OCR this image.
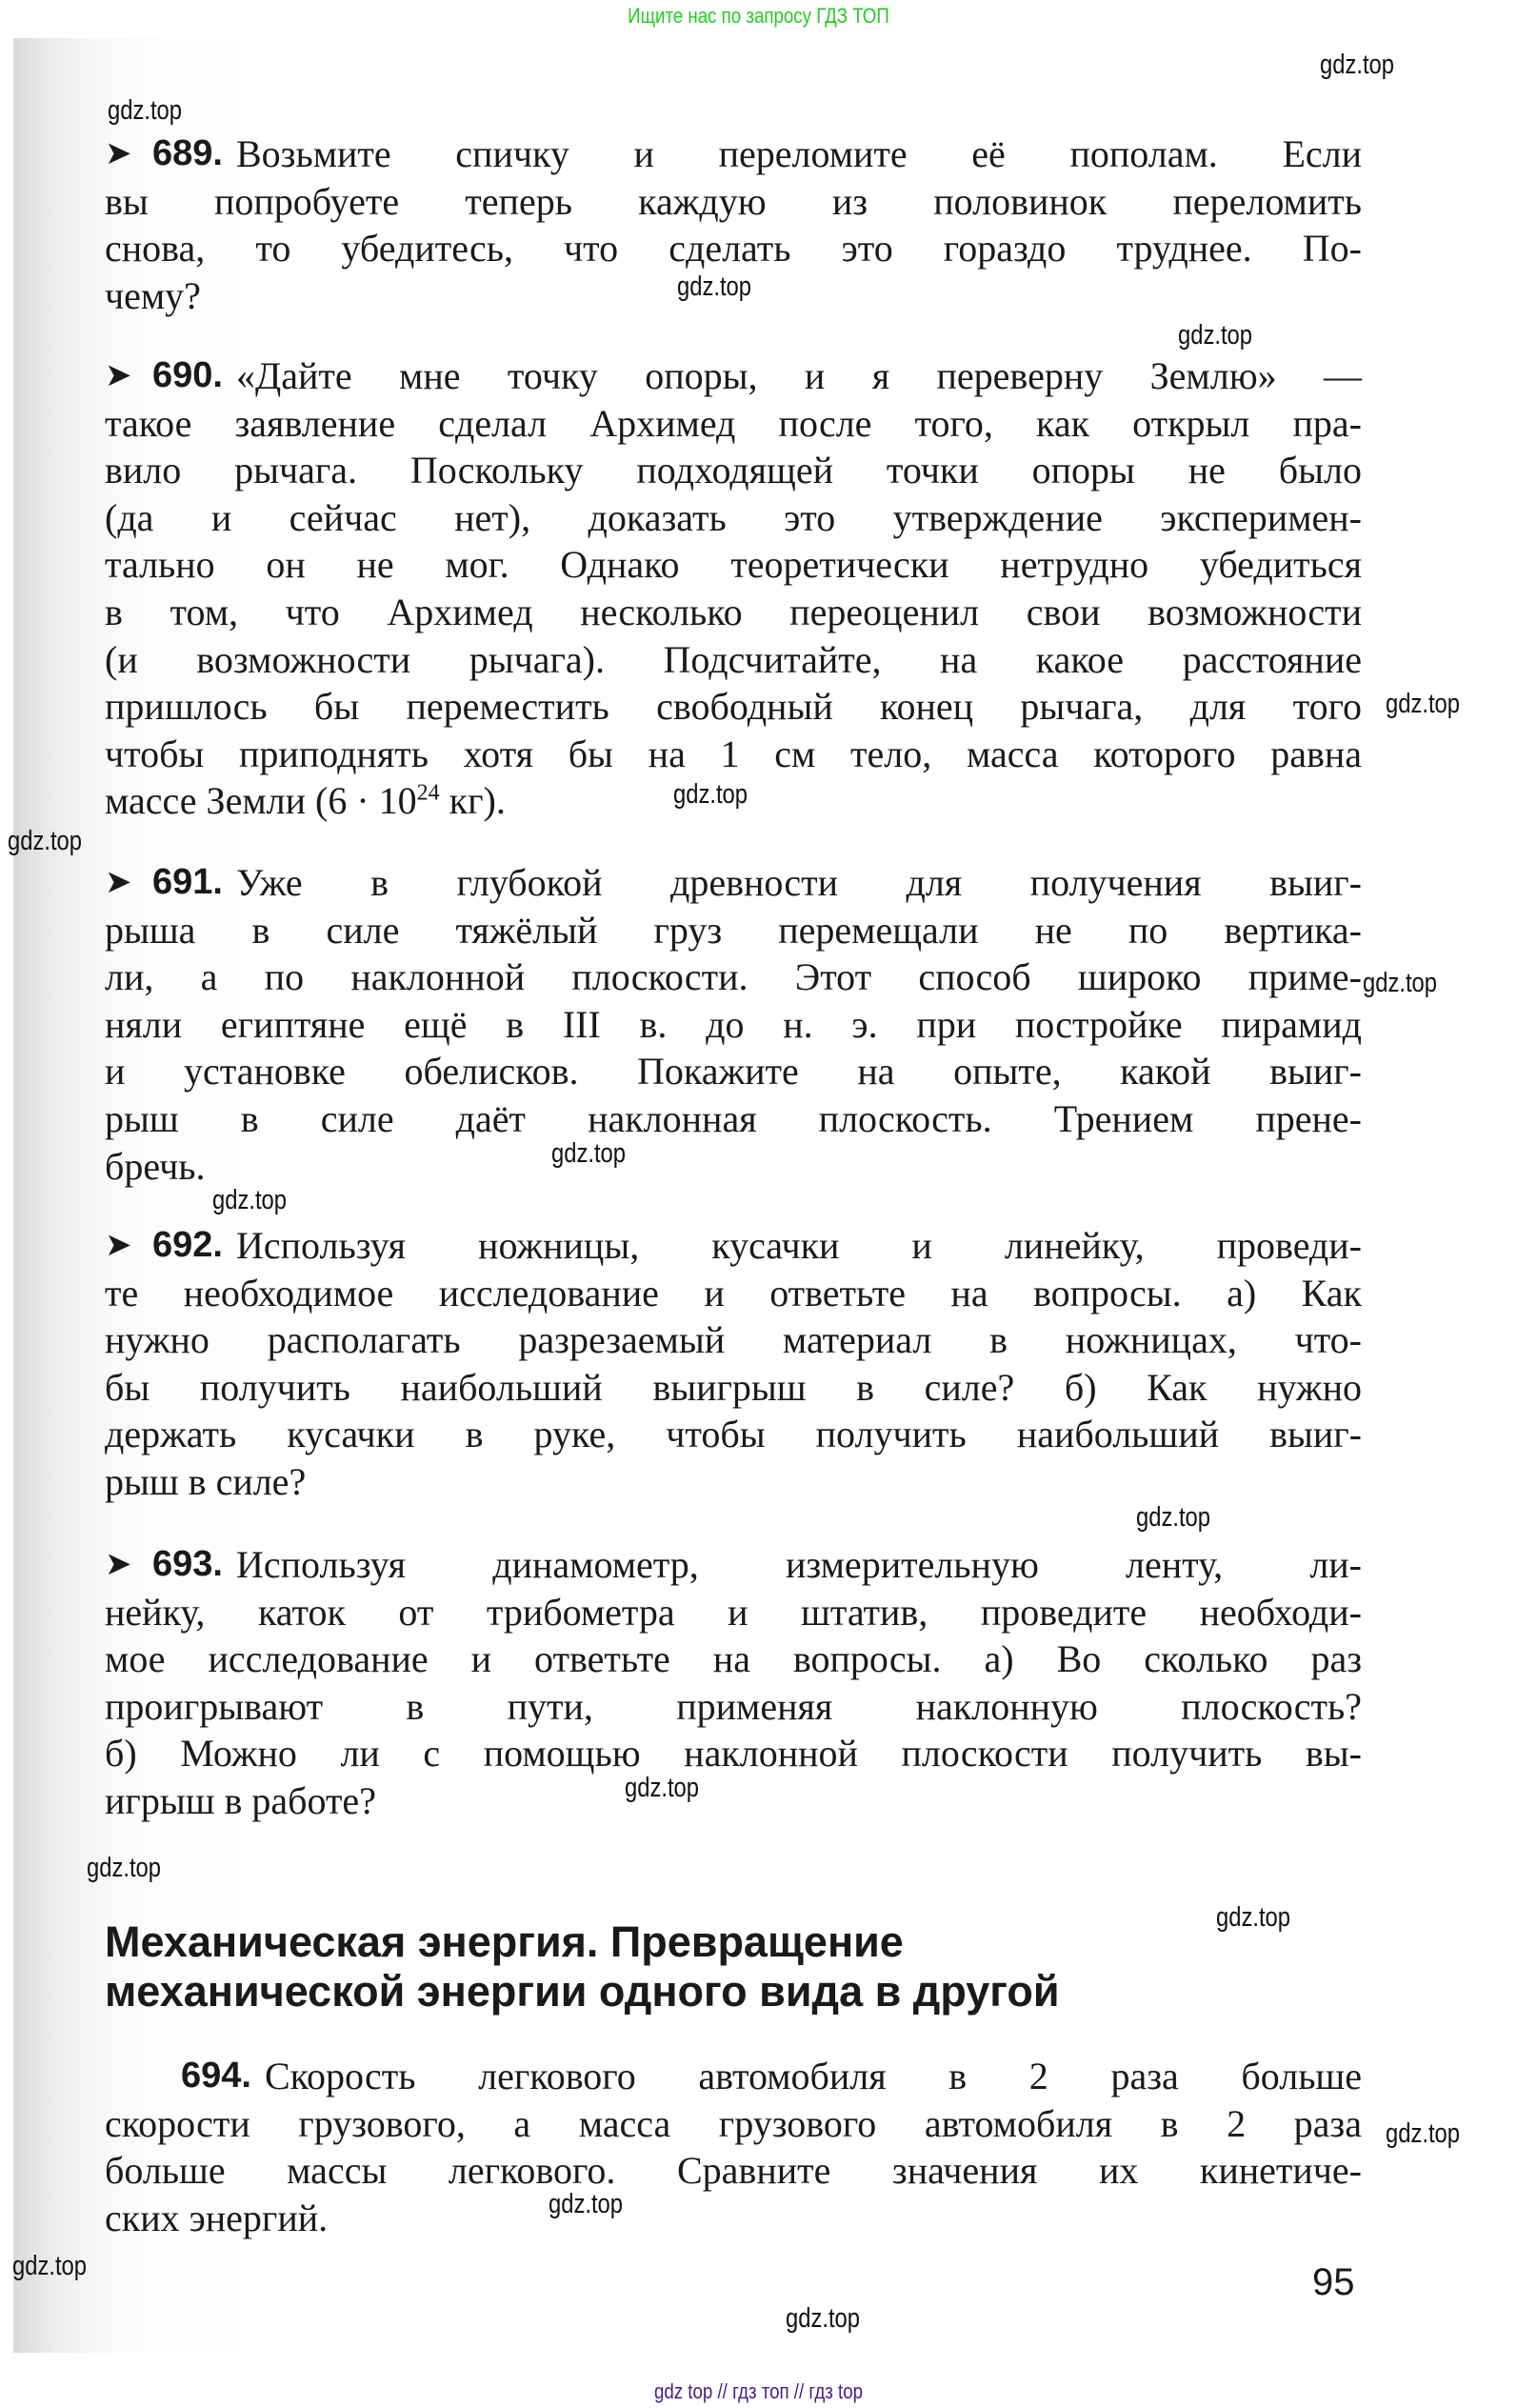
Ищите нас по запросу ГДЗ ТОП
➤ 689. Возьмите спичку и переломите её пополам. Если
вы попробуете теперь каждую из половинок переломить
снова, то убедитесь, что сделать это гораздо труднее. По-
чему?
➤ 690. «Дайте мне точку опоры, и я переверну Землю» —
такое заявление сделал Архимед после того, как открыл пра-
вило рычага. Поскольку подходящей точки опоры не было
(да и сейчас нет), доказать это утверждение эксперимен-
тально он не мог. Однако теоретически нетрудно убедиться
в том, что Архимед несколько переоценил свои возможности
(и возможности рычага). Подсчитайте, на какое расстояние
пришлось бы переместить свободный конец рычага, для того
чтобы приподнять хотя бы на 1 см тело, масса которого равна
массе Земли ($6 \cdot 10^{24}$ кг).
➤ 691. Уже в глубокой древности для получения выиг-
рыша в силе тяжёлый груз перемещали не по вертика-
ли, а по наклонной плоскости. Этот способ широко приме-
няли египтяне ещё в III в. до н. э. при постройке пирамид
и установке обелисков. Покажите на опыте, какой выиг-
рыш в силе даёт наклонная плоскость. Трением пренe-
бречь.
➤ 692. Используя ножницы, кусачки и линейку, проведи-
те необходимое исследование и ответьте на вопросы. а) Как
нужно располагать разрезаемый материал в ножницах, что-
бы получить наибольший выигрыш в силе? б) Как нужно
держать кусачки в руке, чтобы получить наибольший выиг-
рыш в силе?
➤ 693. Используя динамометр, измерительную ленту, ли-
нейку, каток от трибометра и штатив, проведите необходи-
мое исследование и ответьте на вопросы. а) Во сколько раз
проигрывают в пути, применяя наклонную плоскость?
б) Можно ли с помощью наклонной плоскости получить вы-
игрыш в работе?
Механическая энергия. Превращение
механической энергии одного вида в другой
694. Скорость легкового автомобиля в 2 раза больше
скорости грузового, а масса грузового автомобиля в 2 раза
больше массы легкового. Сравните значения их кинетиче-
ских энергий.
95
gdz.top
gdz.top
gdz.top
gdz.top
gdz.top
gdz.top
gdz.top
gdz.top
gdz.top
gdz.top
gdz.top
gdz.top
gdz.top
gdz.top
gdz.top
gdz.top
gdz.top
gdz.top
gdz top // гдз топ // гдз top
